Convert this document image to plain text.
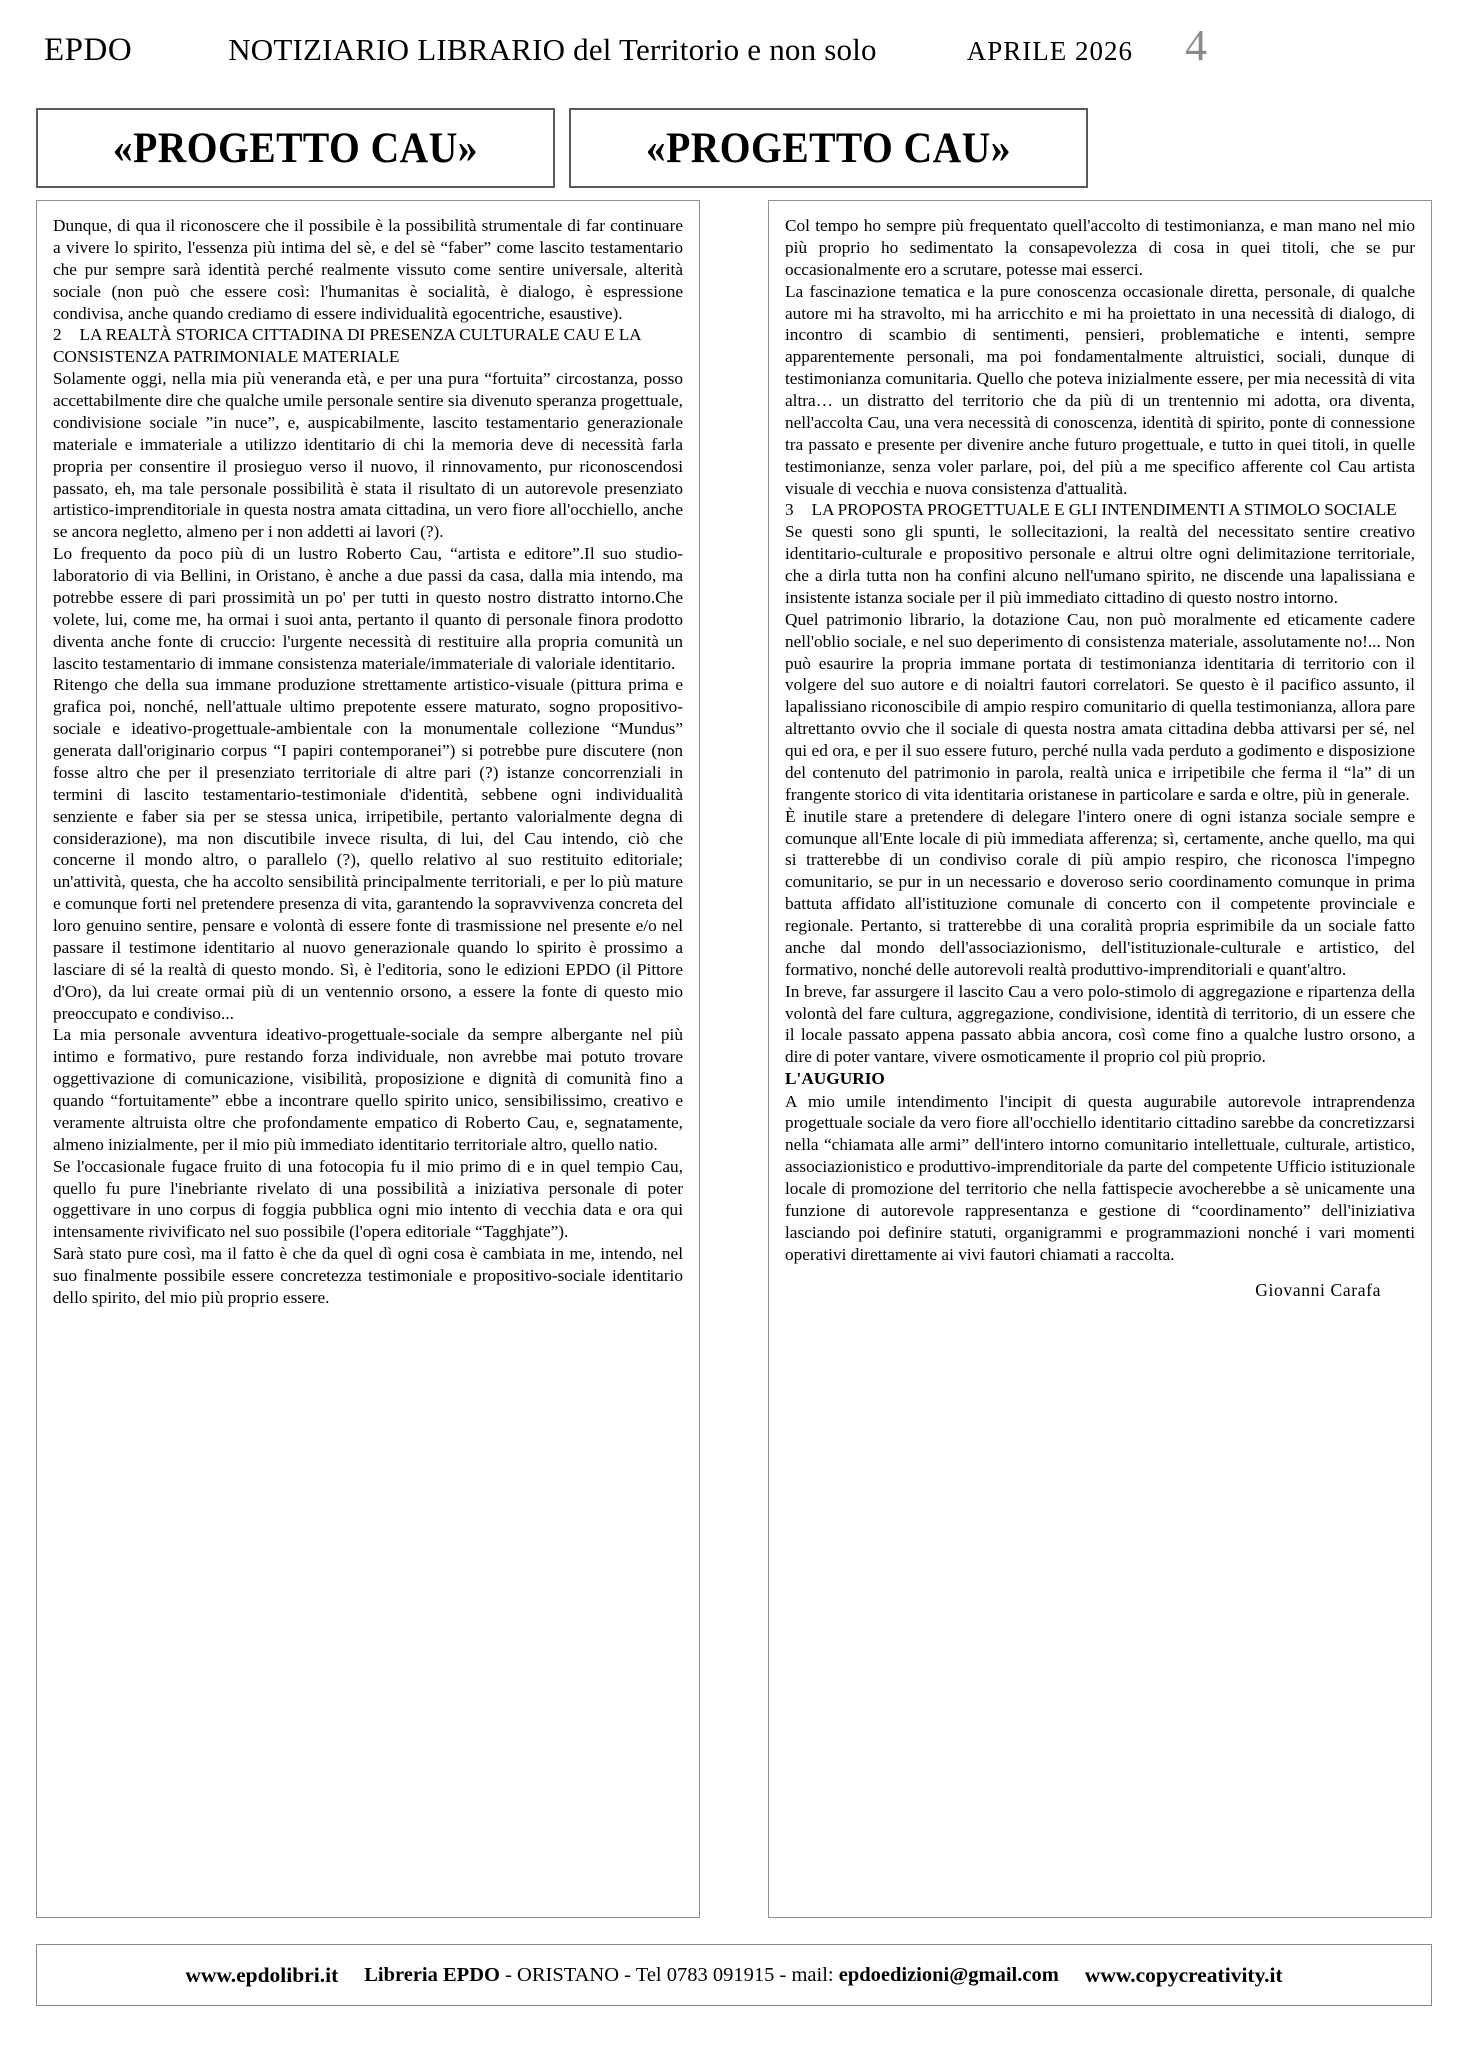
EPDO	NOTIZIARIO LIBRARIO del Territorio e non solo	APRILE 2026 4
«PROGETTO CAU»	«PROGETTO CAU»

Dunque, di qua il riconoscere che il possibile è la possibilità strumentale di far continuare a vivere lo spirito, l'essenza più intima del sè, e del sè “faber” come lascito testamentario che pur sempre sarà identità perché realmente vissuto come sentire universale, alterità sociale (non può che essere così: l'humanitas è socialità, è dialogo, è espressione condivisa, anche quando crediamo di essere individualità egocentriche, esaustive).

2 LA REALTÀ STORICA CITTADINA DI PRESENZA CULTURALE CAU E LA CONSISTENZA PATRIMONIALE MATERIALE

Solamente oggi, nella mia più veneranda età, e per una pura “fortuita” circostanza, posso accettabilmente dire che qualche umile personale sentire sia divenuto speranza progettuale, condivisione sociale ”in nuce”, e, auspicabilmente, lascito testamentario generazionale materiale e immateriale a utilizzo identitario di chi la memoria deve di necessità farla propria per consentire il prosieguo verso il nuovo, il rinnovamento, pur riconoscendosi passato, eh, ma tale personale possibilità è stata il risultato di un autorevole presenziato artistico-imprenditoriale in questa nostra amata cittadina, un vero fiore all'occhiello, anche se ancora negletto, almeno per i non addetti ai lavori (?).

Lo frequento da poco più di un lustro Roberto Cau, “artista e editore”.Il suo studio-laboratorio di via Bellini, in Oristano, è anche a due passi da casa, dalla mia intendo, ma potrebbe essere di pari prossimità un po' per tutti in questo nostro distratto intorno.Che volete, lui, come me, ha ormai i suoi anta, pertanto il quanto di personale finora prodotto diventa anche fonte di cruccio: l'urgente necessità di restituire alla propria comunità un lascito testamentario di immane consistenza materiale/immateriale di valoriale identitario.

Ritengo che della sua immane produzione strettamente artistico-visuale (pittura prima e grafica poi, nonché, nell'attuale ultimo prepotente essere maturato, sogno propositivo-sociale e ideativo-progettuale-ambientale con la monumentale collezione “Mundus” generata dall'originario corpus “I papiri contemporanei”) si potrebbe pure discutere (non fosse altro che per il presenziato territoriale di altre pari (?) istanze concorrenziali in termini di lascito testamentario-testimoniale d'identità, sebbene ogni individualità senziente e faber sia per se stessa unica, irripetibile, pertanto valorialmente degna di considerazione), ma non discutibile invece risulta, di lui, del Cau intendo, ciò che concerne il mondo altro, o parallelo (?), quello relativo al suo restituito editoriale; un'attività, questa, che ha accolto sensibilità principalmente territoriali, e per lo più mature e comunque forti nel pretendere presenza di vita, garantendo la sopravvivenza concreta del loro genuino sentire, pensare e volontà di essere fonte di trasmissione nel presente e/o nel passare il testimone identitario al nuovo generazionale quando lo spirito è prossimo a lasciare di sé la realtà di questo mondo. Sì, è l'editoria, sono le edizioni EPDO (il Pittore d'Oro), da lui create ormai più di un ventennio orsono, a essere la fonte di questo mio preoccupato e condiviso...

La mia personale avventura ideativo-progettuale-sociale da sempre albergante nel più intimo e formativo, pure restando forza individuale, non avrebbe mai potuto trovare oggettivazione di comunicazione, visibilità, proposizione e dignità di comunità fino a quando “fortuitamente” ebbe a incontrare quello spirito unico, sensibilissimo, creativo e veramente altruista oltre che profondamente empatico di Roberto Cau, e, segnatamente, almeno inizialmente, per il mio più immediato identitario territoriale altro, quello natio.

Se l'occasionale fugace fruito di una fotocopia fu il mio primo di e in quel tempio Cau, quello fu pure l'inebriante rivelato di una possibilità a iniziativa personale di poter oggettivare in uno corpus di foggia pubblica ogni mio intento di vecchia data e ora qui intensamente rivivificato nel suo possibile (l'opera editoriale “Tagghjate”).

Sarà stato pure così, ma il fatto è che da quel dì ogni cosa è cambiata in me, intendo, nel suo finalmente possibile essere concretezza testimoniale e propositivo-sociale identitario dello spirito, del mio più proprio essere.

Col tempo ho sempre più frequentato quell'accolto di testimonianza, e man mano nel mio più proprio ho sedimentato la consapevolezza di cosa in quei titoli, che se pur occasionalmente ero a scrutare, potesse mai esserci.

La fascinazione tematica e la pure conoscenza occasionale diretta, personale, di qualche autore mi ha stravolto, mi ha arricchito e mi ha proiettato in una necessità di dialogo, di incontro di scambio di sentimenti, pensieri, problematiche e intenti, sempre apparentemente personali, ma poi fondamentalmente altruistici, sociali, dunque di testimonianza comunitaria. Quello che poteva inizialmente essere, per mia necessità di vita altra… un distratto del territorio che da più di un trentennio mi adotta, ora diventa, nell'accolta Cau, una vera necessità di conoscenza, identità di spirito, ponte di connessione tra passato e presente per divenire anche futuro progettuale, e tutto in quei titoli, in quelle testimonianze, senza voler parlare, poi, del più a me specifico afferente col Cau artista visuale di vecchia e nuova consistenza d'attualità.

3 LA PROPOSTA PROGETTUALE E GLI INTENDIMENTI A STIMOLO SOCIALE

Se questi sono gli spunti, le sollecitazioni, la realtà del necessitato sentire creativo identitario-culturale e propositivo personale e altrui oltre ogni delimitazione territoriale, che a dirla tutta non ha confini alcuno nell'umano spirito, ne discende una lapalissiana e insistente istanza sociale per il più immediato cittadino di questo nostro intorno.

Quel patrimonio librario, la dotazione Cau, non può moralmente ed eticamente cadere nell'oblio sociale, e nel suo deperimento di consistenza materiale, assolutamente no!... Non può esaurire la propria immane portata di testimonianza identitaria di territorio con il volgere del suo autore e di noialtri fautori correlatori. Se questo è il pacifico assunto, il lapalissiano riconoscibile di ampio respiro comunitario di quella testimonianza, allora pare altrettanto ovvio che il sociale di questa nostra amata cittadina debba attivarsi per sé, nel qui ed ora, e per il suo essere futuro, perché nulla vada perduto a godimento e disposizione del contenuto del patrimonio in parola, realtà unica e irripetibile che ferma il “la” di un frangente storico di vita identitaria oristanese in particolare e sarda e oltre, più in generale.

È inutile stare a pretendere di delegare l'intero onere di ogni istanza sociale sempre e comunque all'Ente locale di più immediata afferenza; sì, certamente, anche quello, ma qui si tratterebbe di un condiviso corale di più ampio respiro, che riconosca l'impegno comunitario, se pur in un necessario e doveroso serio coordinamento comunque in prima battuta affidato all'istituzione comunale di concerto con il competente provinciale e regionale. Pertanto, si tratterebbe di una coralità propria esprimibile da un sociale fatto anche dal mondo dell'associazionismo, dell'istituzionale-culturale e artistico, del formativo, nonché delle autorevoli realtà produttivo-imprenditoriali e quant'altro.

In breve, far assurgere il lascito Cau a vero polo-stimolo di aggregazione e ripartenza della volontà del fare cultura, aggregazione, condivisione, identità di territorio, di un essere che il locale passato appena passato abbia ancora, così come fino a qualche lustro orsono, a dire di poter vantare, vivere osmoticamente il proprio col più proprio.

L'AUGURIO

A mio umile intendimento l'incipit di questa augurabile autorevole intraprendenza progettuale sociale da vero fiore all'occhiello identitario cittadino sarebbe da concretizzarsi nella “chiamata alle armi” dell'intero intorno comunitario intellettuale, culturale, artistico, associazionistico e produttivo-imprenditoriale da parte del competente Ufficio istituzionale locale di promozione del territorio che nella fattispecie avocherebbe a sè unicamente una funzione di autorevole rappresentanza e gestione di “coordinamento” dell'iniziativa lasciando poi definire statuti, organigrammi e programmazioni nonché i vari momenti operativi direttamente ai vivi fautori chiamati a raccolta.

Giovanni Carafa
www.epdolibri.it Libreria EPDO - ORISTANO - Tel 0783 091915 - mail: epdoedizioni@gmail.com www.copycreativity.it
